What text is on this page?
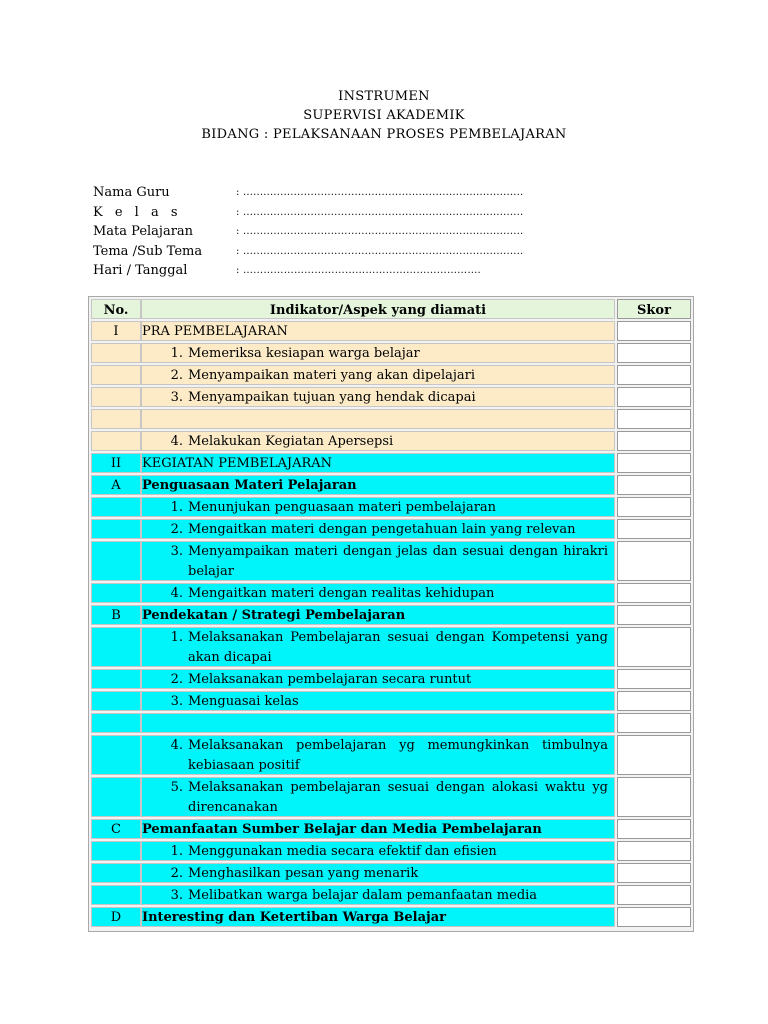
INSTRUMEN
SUPERVISI AKADEMIK
BIDANG : PELAKSANAAN PROSES PEMBELAJARAN
Nama Guru	: ...................................................................................
K e l a s	: ...................................................................................
Mata Pelajaran	: ...................................................................................
Tema /Sub Tema	: ...................................................................................
Hari / Tanggal	: …………………………………………………………….
No.	Indikator/Aspek yang diamati	Skor
I	PRA PEMBELAJARAN
1. Memeriksa kesiapan warga belajar
2. Menyampaikan materi yang akan dipelajari
3. Menyampaikan tujuan yang hendak dicapai
4. Melakukan Kegiatan Apersepsi
II	KEGIATAN PEMBELAJARAN
A	Penguasaan Materi Pelajaran
1. Menunjukan penguasaan materi pembelajaran
2. Mengaitkan materi dengan pengetahuan lain yang relevan
3. Menyampaikan materi dengan jelas dan sesuai dengan hirakri belajar
4. Mengaitkan materi dengan realitas kehidupan
B	Pendekatan / Strategi Pembelajaran
1. Melaksanakan Pembelajaran sesuai dengan Kompetensi yang akan dicapai
2. Melaksanakan pembelajaran secara runtut
3. Menguasai kelas
4. Melaksanakan pembelajaran yg memungkinkan timbulnya kebiasaan positif
5. Melaksanakan pembelajaran sesuai dengan alokasi waktu yg direncanakan
C	Pemanfaatan Sumber Belajar dan Media Pembelajaran
1. Menggunakan media secara efektif dan efisien
2. Menghasilkan pesan yang menarik
3. Melibatkan warga belajar dalam pemanfaatan media
D	Interesting dan Ketertiban Warga Belajar
